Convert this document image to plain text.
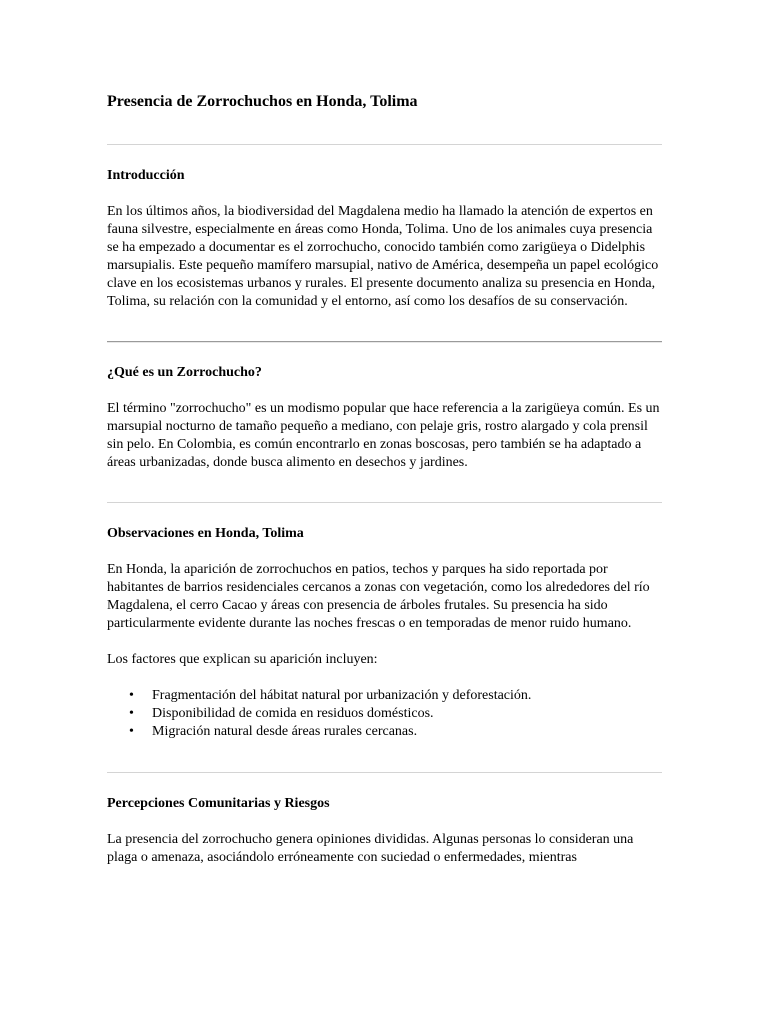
Presencia de Zorrochuchos en Honda, Tolima
Introducción

En los últimos años, la biodiversidad del Magdalena medio ha llamado la atención de expertos en fauna silvestre, especialmente en áreas como Honda, Tolima. Uno de los animales cuya presencia se ha empezado a documentar es el zorrochucho, conocido también como zarigüeya o Didelphis marsupialis. Este pequeño mamífero marsupial, nativo de América, desempeña un papel ecológico clave en los ecosistemas urbanos y rurales. El presente documento analiza su presencia en Honda, Tolima, su relación con la comunidad y el entorno, así como los desafíos de su conservación.

¿Qué es un Zorrochucho?

El término "zorrochucho" es un modismo popular que hace referencia a la zarigüeya común. Es un marsupial nocturno de tamaño pequeño a mediano, con pelaje gris, rostro alargado y cola prensil sin pelo. En Colombia, es común encontrarlo en zonas boscosas, pero también se ha adaptado a áreas urbanizadas, donde busca alimento en desechos y jardines.

Observaciones en Honda, Tolima

En Honda, la aparición de zorrochuchos en patios, techos y parques ha sido reportada por habitantes de barrios residenciales cercanos a zonas con vegetación, como los alrededores del río Magdalena, el cerro Cacao y áreas con presencia de árboles frutales. Su presencia ha sido particularmente evidente durante las noches frescas o en temporadas de menor ruido humano.

Los factores que explican su aparición incluyen:

• Fragmentación del hábitat natural por urbanización y deforestación.
• Disponibilidad de comida en residuos domésticos.
• Migración natural desde áreas rurales cercanas.
Percepciones Comunitarias y Riesgos

La presencia del zorrochucho genera opiniones divididas. Algunas personas lo consideran una plaga o amenaza, asociándolo erróneamente con suciedad o enfermedades, mientras
